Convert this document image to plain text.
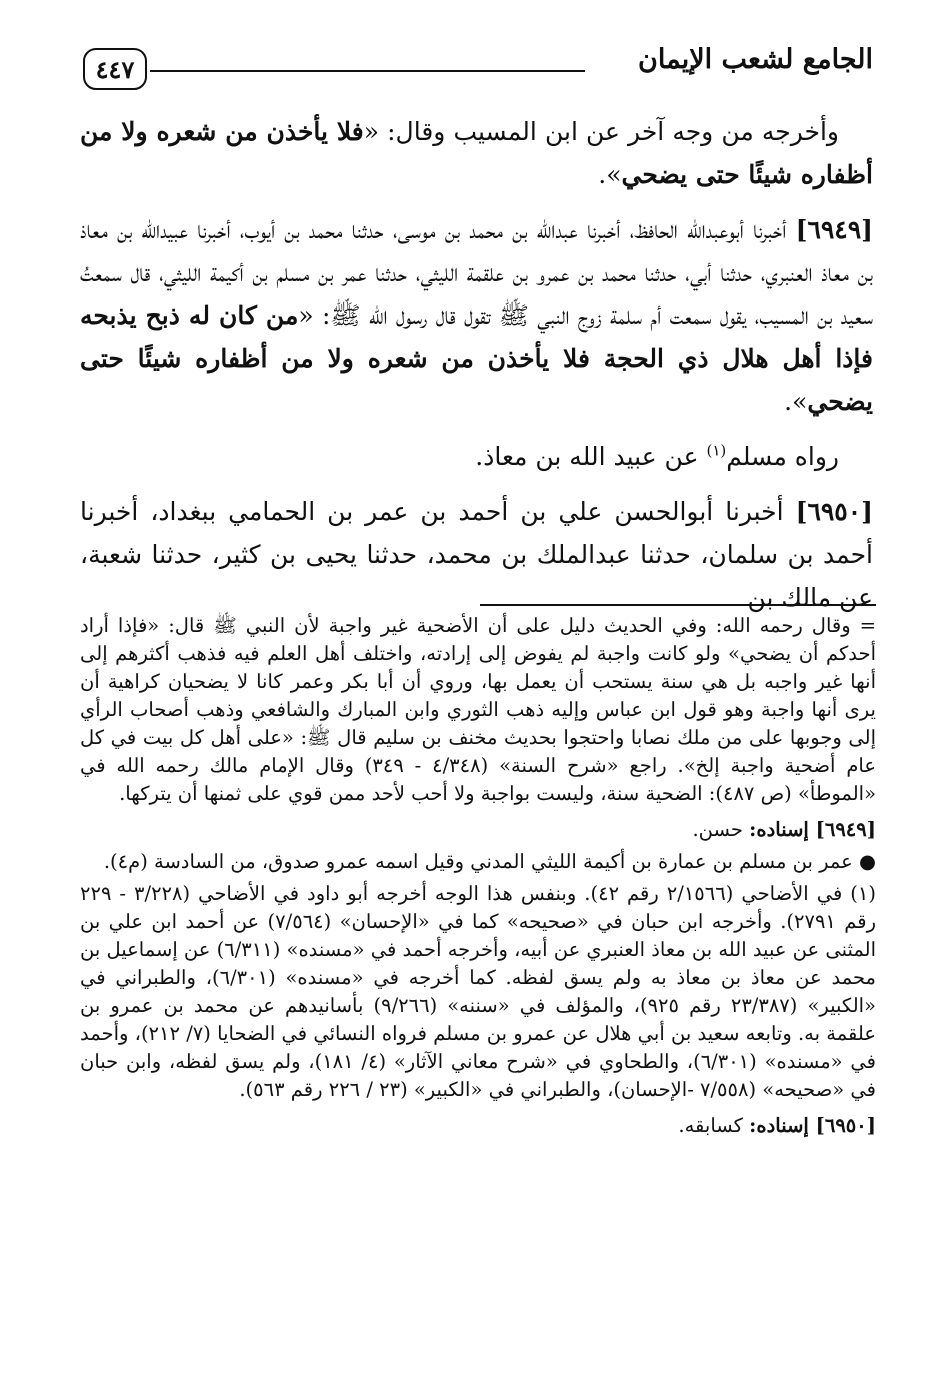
الجامع لشعب الإيمان
٤٤٧

وأخرجه من وجه آخر عن ابن المسيب وقال: «فلا يأخذن من شعره ولا من أظفاره شيئًا حتى يضحي».

[٦٩٤٩] أخبرنا أبوعبدالله الحافظ، أخبرنا عبدالله بن محمد بن موسى، حدثنا محمد بن أيوب، أخبرنا عبيدالله بن معاذ بن معاذ العنبري، حدثنا أبي، حدثنا محمد بن عمرو بن علقمة الليثي، حدثنا عمر بن مسلم بن أكيمة الليثي، قال سمعتُ سعيد بن المسيب، يقول سمعت أم سلمة زوج النبي ﷺ تقول قال رسول الله ﷺ: «من كان له ذبح يذبحه فإذا أهل هلال ذي الحجة فلا يأخذن من شعره ولا من أظفاره شيئًا حتى يضحي».

رواه مسلم$^{(١)}$ عن عبيد الله بن معاذ.

[٦٩٥٠] أخبرنا أبوالحسن علي بن أحمد بن عمر بن الحمامي ببغداد، أخبرنا أحمد بن سلمان، حدثنا عبدالملك بن محمد، حدثنا يحيى بن كثير، حدثنا شعبة، عن مالك بن

= وقال رحمه الله: وفي الحديث دليل على أن الأضحية غير واجبة لأن النبي ﷺ قال: «فإذا أراد أحدكم أن يضحي» ولو كانت واجبة لم يفوض إلى إرادته، واختلف أهل العلم فيه فذهب أكثرهم إلى أنها غير واجبه بل هي سنة يستحب أن يعمل بها، وروي أن أبا بكر وعمر كانا لا يضحيان كراهية أن يرى أنها واجبة وهو قول ابن عباس وإليه ذهب الثوري وابن المبارك والشافعي وذهب أصحاب الرأي إلى وجوبها على من ملك نصابا واحتجوا بحديث مخنف بن سليم قال ﷺ: «على أهل كل بيت في كل عام أضحية واجبة إلخ». راجع «شرح السنة» (٤/٣٤٨ - ٣٤٩) وقال الإمام مالك رحمه الله في «الموطأ» (ص ٤٨٧): الضحية سنة، وليست بواجبة ولا أحب لأحد ممن قوي على ثمنها أن يتركها.

[٦٩٤٩] إسناده: حسن.

● عمر بن مسلم بن عمارة بن أكيمة الليثي المدني وقيل اسمه عمرو صدوق، من السادسة (م٤).

(١) في الأضاحي (٢/١٥٦٦ رقم ٤٢). وبنفس هذا الوجه أخرجه أبو داود في الأضاحي (٣/٢٢٨ - ٢٢٩ رقم ٢٧٩١). وأخرجه ابن حبان في «صحيحه» كما في «الإحسان» (٧/٥٦٤) عن أحمد ابن علي بن المثنى عن عبيد الله بن معاذ العنبري عن أبيه، وأخرجه أحمد في «مسنده» (٦/٣١١) عن إسماعيل بن محمد عن معاذ بن معاذ به ولم يسق لفظه. كما أخرجه في «مسنده» (٦/٣٠١)، والطبراني في «الكبير» (٢٣/٣٨٧ رقم ٩٢٥)، والمؤلف في «سننه» (٩/٢٦٦) بأسانيدهم عن محمد بن عمرو بن علقمة به. وتابعه سعيد بن أبي هلال عن عمرو بن مسلم فرواه النسائي في الضحايا (٧/ ٢١٢)، وأحمد في «مسنده» (٦/٣٠١)، والطحاوي في «شرح معاني الآثار» (٤/ ١٨١)، ولم يسق لفظه، وابن حبان في «صحيحه» (٧/٥٥٨ -الإحسان)، والطبراني في «الكبير» (٢٣ / ٢٢٦ رقم ٥٦٣).

[٦٩٥٠] إسناده: كسابقه.
